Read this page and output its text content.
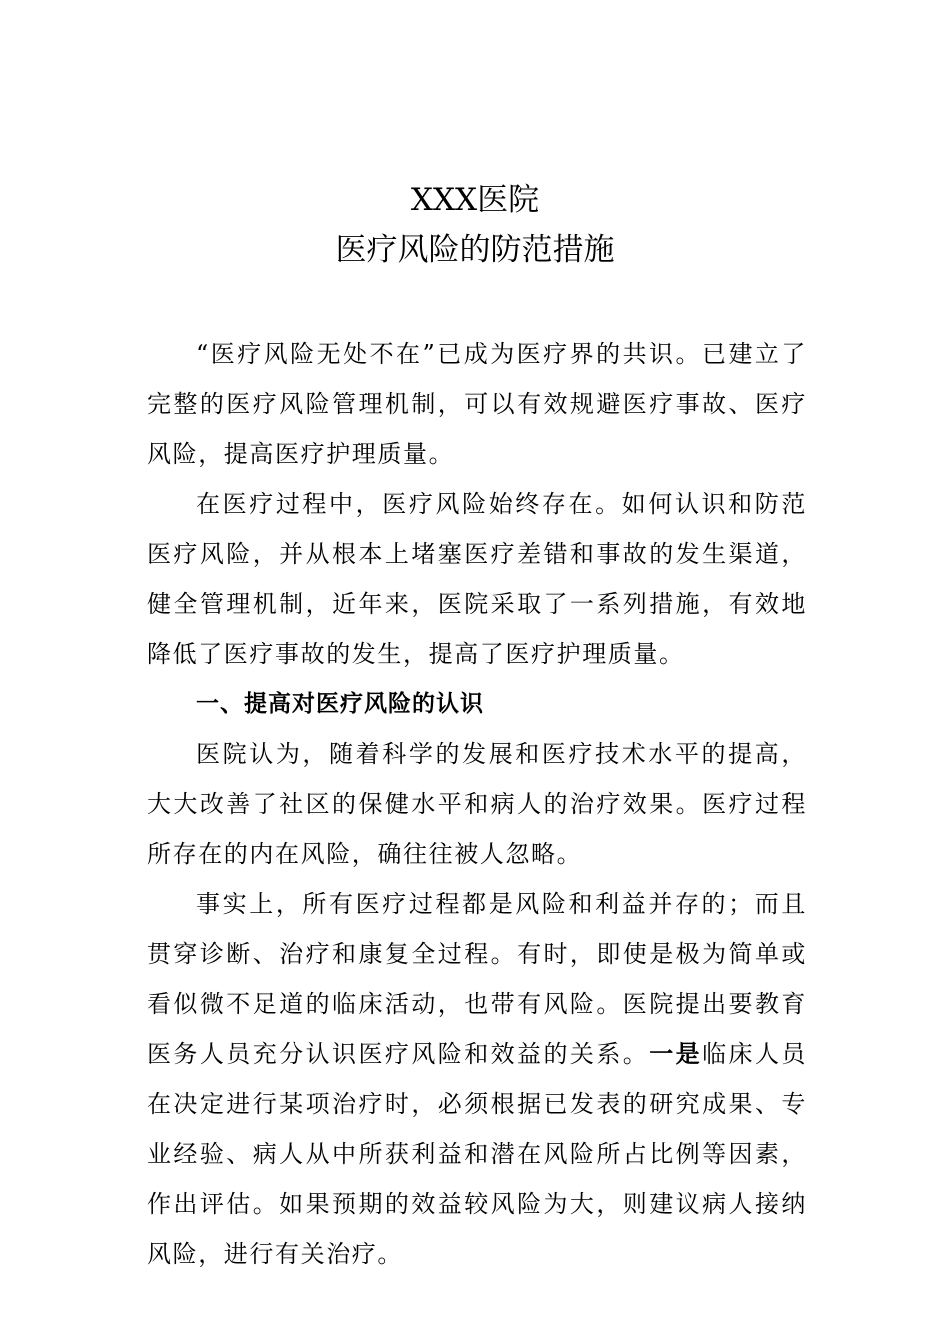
XXX医院
医疗风险的防范措施

“医疗风险无处不在”已成为医疗界的共识。已建立了完整的医疗风险管理机制，可以有效规避医疗事故、医疗风险，提高医疗护理质量。

在医疗过程中，医疗风险始终存在。如何认识和防范医疗风险，并从根本上堵塞医疗差错和事故的发生渠道，健全管理机制，近年来，医院采取了一系列措施，有效地降低了医疗事故的发生，提高了医疗护理质量。

一、提高对医疗风险的认识

医院认为，随着科学的发展和医疗技术水平的提高，大大改善了社区的保健水平和病人的治疗效果。医疗过程所存在的内在风险，确往往被人忽略。

事实上，所有医疗过程都是风险和利益并存的；而且贯穿诊断、治疗和康复全过程。有时，即使是极为简单或看似微不足道的临床活动，也带有风险。医院提出要教育医务人员充分认识医疗风险和效益的关系。一是临床人员在决定进行某项治疗时，必须根据已发表的研究成果、专业经验、病人从中所获利益和潜在风险所占比例等因素，作出评估。如果预期的效益较风险为大，则建议病人接纳风险，进行有关治疗。
